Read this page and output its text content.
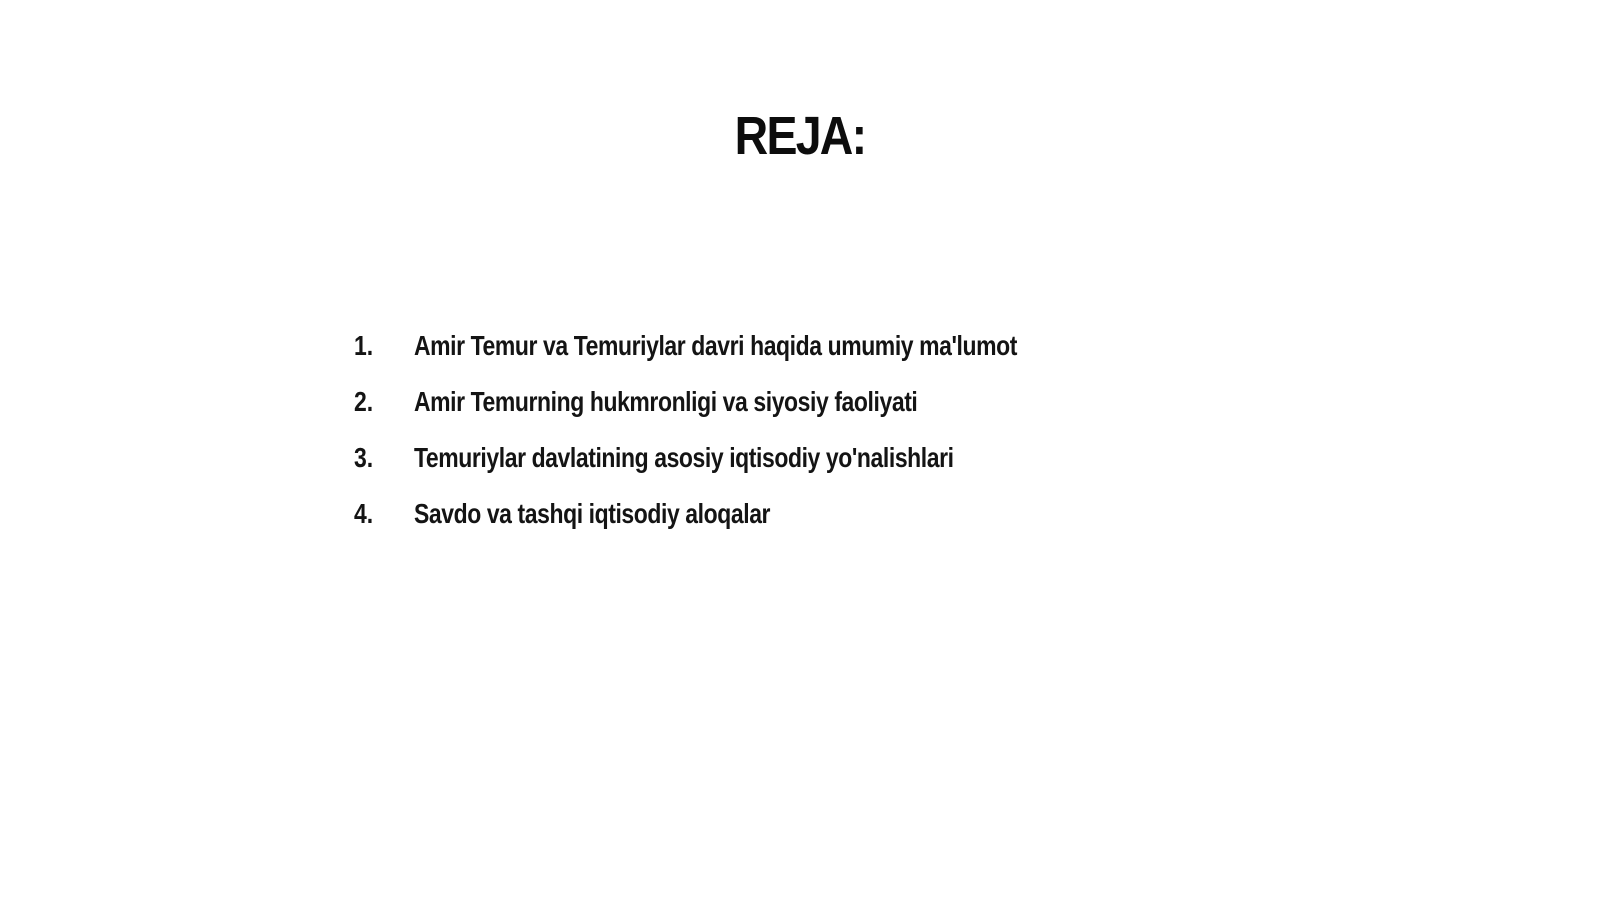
REJA:
1.	Amir Temur va Temuriylar davri haqida umumiy ma'lumot
2.	Amir Temurning hukmronligi va siyosiy faoliyati
3.	Temuriylar davlatining asosiy iqtisodiy yo'nalishlari
4.	Savdo va tashqi iqtisodiy aloqalar
